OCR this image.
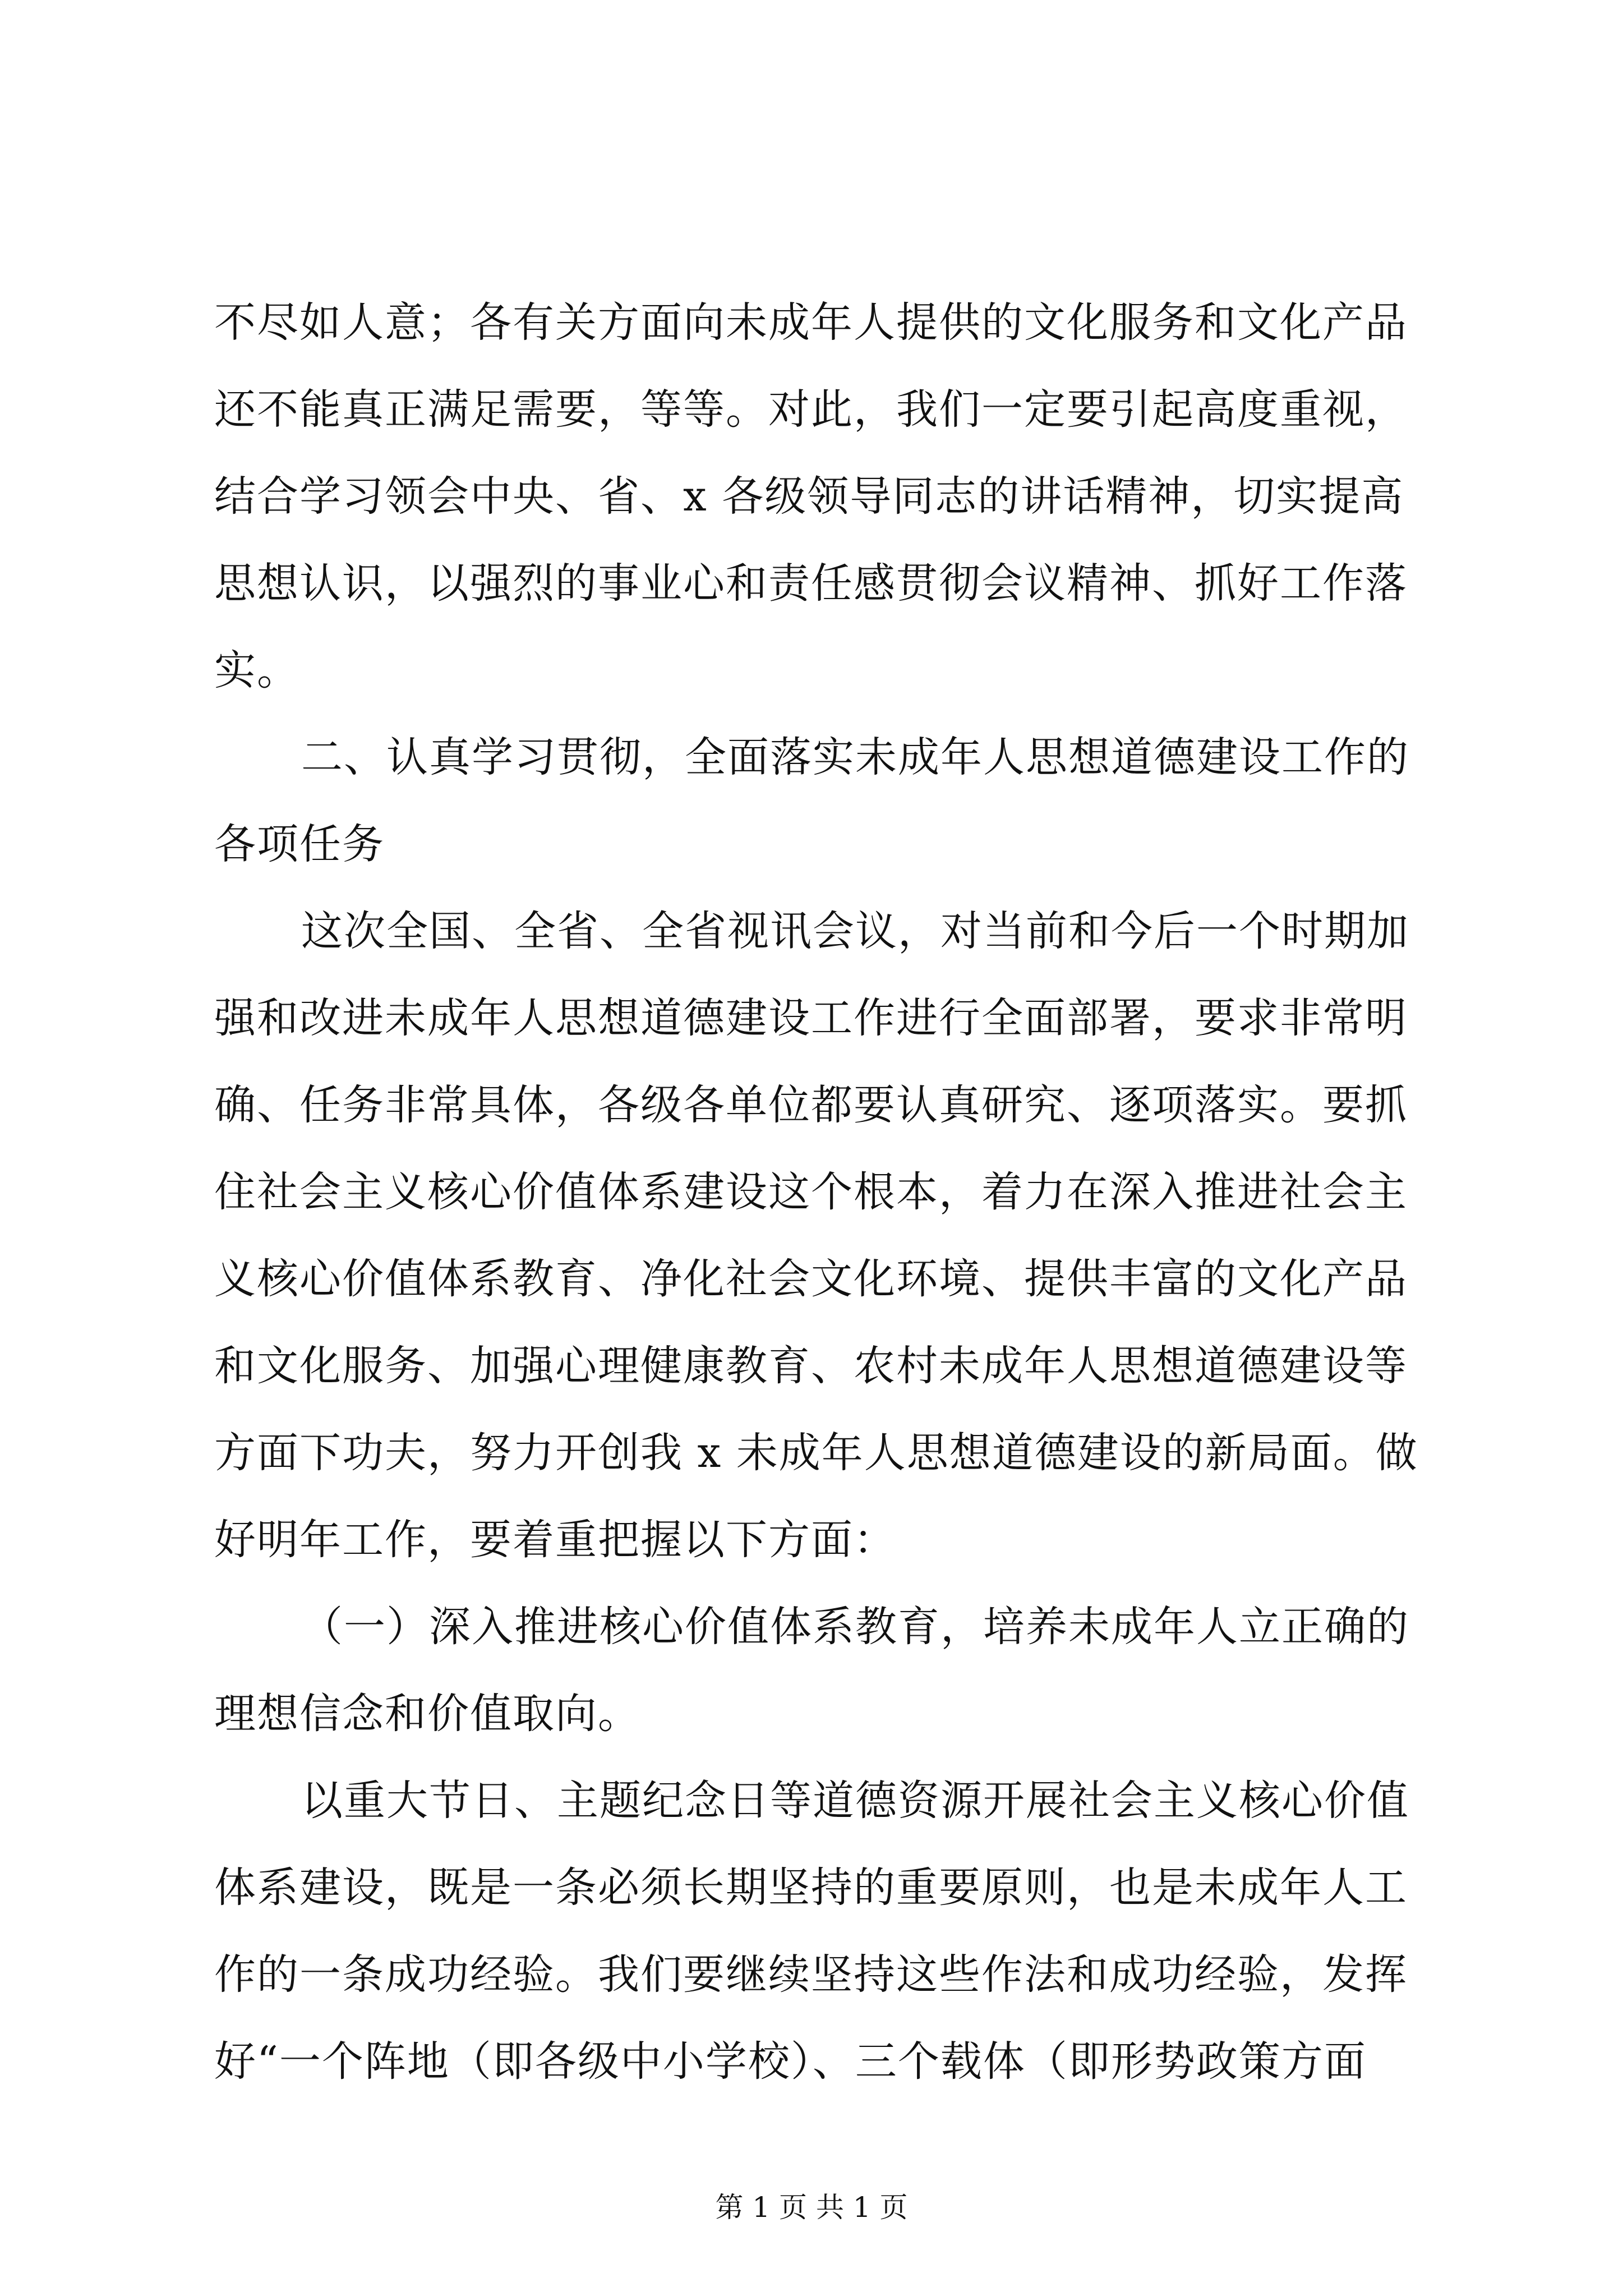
不尽如人意；各有关方面向未成年人提供的文化服务和文化产品
还不能真正满足需要，等等。对此，我们一定要引起高度重视，
结合学习领会中央、省、x 各级领导同志的讲话精神，切实提高
思想认识，以强烈的事业心和责任感贯彻会议精神、抓好工作落
实。
二、认真学习贯彻，全面落实未成年人思想道德建设工作的
各项任务
这次全国、全省、全省视讯会议，对当前和今后一个时期加
强和改进未成年人思想道德建设工作进行全面部署，要求非常明
确、任务非常具体，各级各单位都要认真研究、逐项落实。要抓
住社会主义核心价值体系建设这个根本，着力在深入推进社会主
义核心价值体系教育、净化社会文化环境、提供丰富的文化产品
和文化服务、加强心理健康教育、农村未成年人思想道德建设等
方面下功夫，努力开创我 x 未成年人思想道德建设的新局面。做
好明年工作，要着重把握以下方面：
（一）深入推进核心价值体系教育，培养未成年人立正确的
理想信念和价值取向。
以重大节日、主题纪念日等道德资源开展社会主义核心价值
体系建设，既是一条必须长期坚持的重要原则，也是未成年人工
作的一条成功经验。我们要继续坚持这些作法和成功经验，发挥
好“一个阵地（即各级中小学校）、三个载体（即形势政策方面
第 1 页 共 1 页
